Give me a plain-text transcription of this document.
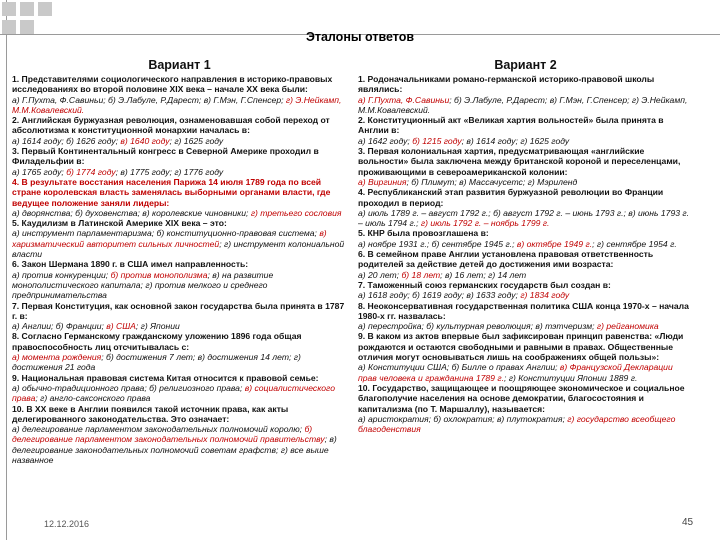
Эталоны ответов
Вариант 1
1. Представителями социологического направления в историко-правовых исследованиях во второй половине XIX века – начале XX века были:
а) Г.Пухта, Ф.Савиньи; б) Э.Лабуле, Р.Дарест; в) Г.Мэн, Г.Спенсер; г) Э.Нейкамп, М.М.Ковалевский.
2. Английская буржуазная революция, ознаменовавшая собой переход от абсолютизма к конституционной монархии началась в:
а) 1614 году; б) 1626 году; в) 1640 году; г) 1625 году
3. Первый Континентальный конгресс в Северной Америке проходил в Филадельфии в:
а) 1765 году; б) 1774 году; в) 1775 году; г) 1776 году
4. В результате восстания населения Парижа 14 июля 1789 года по всей стране королевская власть заменялась выборными органами власти, где ведущее положение заняли лидеры:
а) дворянства; б) духовенства; в) королевские чиновники; г) третьего сословия
5. Каудилизм в Латинской Америке XIX века – это:
а) инструмент парламентаризма; б) конституционно-правовая система; в) харизматический авторитет сильных личностей; г) инструмент колониальной власти
6. Закон Шермана 1890 г. в США имел направленность:
а) против конкуренции; б) против монополизма; в) на развитие монополистического капитала; г) против мелкого и среднего предпринимательства
7. Первая Конституция, как основной закон государства была принята в 1787 г. в:
а) Англии; б) Франции; в) США; г) Японии
8. Согласно Германскому гражданскому уложению 1896 года общая правоспособность лиц отсчитывалась с:
а) момента рождения; б) достижения 7 лет; в) достижения 14 лет; г) достижения 21 года
9. Национальная правовая система Китая относится к правовой семье:
а) обычно-традиционного права; б) религиозного права; в) социалистического права; г) англо-саксонского права
10. В XX веке в Англии появился такой источник права, как акты делегированного законодательства. Это означает:
а) делегирование парламентом законодательных полномочий королю; б) делегирование парламентом законодательных полномочий правительству; в) делегирование законодательных полномочий советам графств; г) все выше названное
Вариант 2
1. Родоначальниками романо-германской историко-правовой школы являлись:
а) Г.Пухта, Ф.Савиньи; б) Э.Лабуле, Р.Дарест; в) Г.Мэн, Г.Спенсер; г) Э.Нейкамп, М.М.Ковалевский.
2. Конституционный акт «Великая хартия вольностей» была принята в Англии в:
а) 1642 году; б) 1215 году; в) 1614 году; г) 1625 году
3. Первая колониальная хартия, предусматривающая «английские вольности» была заключена между британской короной и переселенцами, проживающими в североамериканской колонии:
а) Виргиния; б) Плимут; в) Массачусетс; г) Мэриленд
4. Республиканский этап развития буржуазной революции во Франции проходил в период:
а) июль 1789 г. – август 1792 г.; б) август 1792 г. – июнь 1793 г.; в) июнь 1793 г. – июль 1794 г.; г) июль 1792 г. – ноябрь 1799 г.
5. КНР была провозглашена в:
а) ноябре 1931 г.; б) сентябре 1945 г.; в) октябре 1949 г.; г) сентябре 1954 г.
6. В семейном праве Англии установлена правовая ответственность родителей за действие детей до достижения ими возраста:
а) 20 лет; б) 18 лет; в) 16 лет; г) 14 лет
7. Таможенный союз германских государств был создан в:
а) 1618 году; б) 1619 году; в) 1633 году; г) 1834 году
8. Неоконсервативная государственная политика США конца 1970-х – начала 1980-х гг. назвалась:
а) перестройка; б) культурная революция; в) тэтчеризм; г) рейганомика
9. В каком из актов впервые был зафиксирован принцип равенства: «Люди рождаются и остаются свободными и равными в правах. Общественные отличия могут основываться лишь на соображениях общей пользы»:
а) Конституции США; б) Билле о правах Англии; в) Французской Декларации прав человека и гражданина 1789 г.; г) Конституции Японии 1889 г.
10. Государство, защищающее и поощряющее экономическое и социальное благополучие населения на основе демократии, благосостояния и капитализма (по Т. Маршаллу), называется:
а) аристократия; б) охлократия; в) плутократия; г) государство всеобщего благоденствия
12.12.2016	45
